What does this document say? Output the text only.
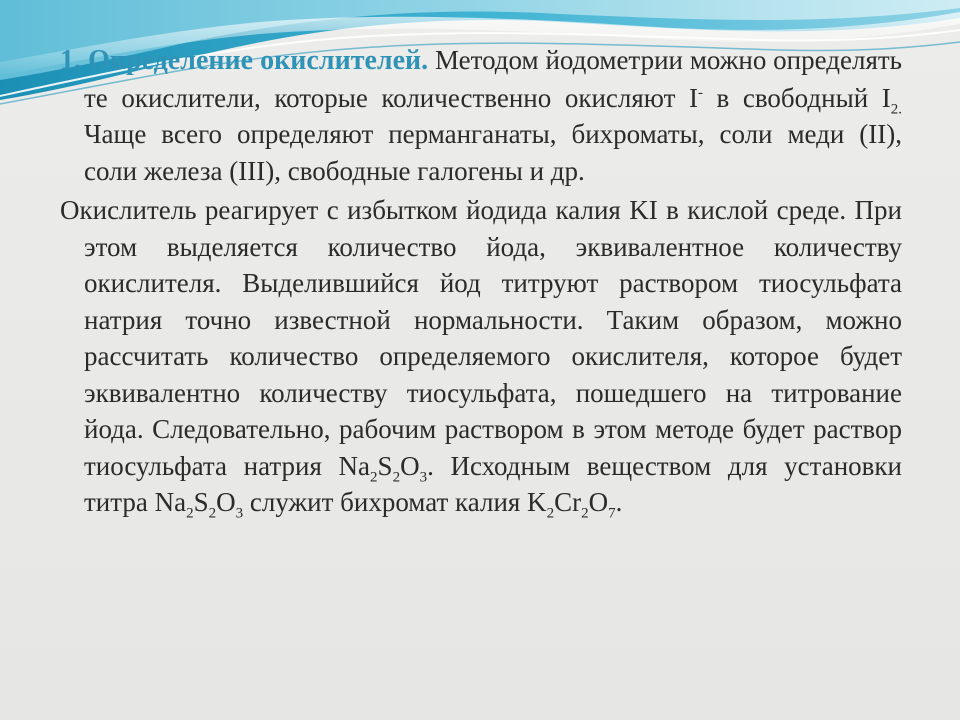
1. Определение окислителей. Методом йодометрии можно определять те окислители, которые количественно окисляют I- в свободный $I_{2.}$ Чаще всего определяют перманганаты, бихроматы, соли меди (II), соли железа (III), свободные галогены и др.

Окислитель реагирует с избытком йодида калия KI в кислой среде. При этом выделяется количество йода, эквивалентное количеству окислителя. Выделившийся йод титруют раствором тиосульфата натрия точно известной нормальности. Таким образом, можно рассчитать количество определяемого окислителя, которое будет эквивалентно количеству тиосульфата, пошедшего на титрование йода. Следовательно, рабочим раствором в этом методе будет раствор тиосульфата натрия $Na_2S_2O_3$. Исходным веществом для установки титра $Na_2S_2O_3$ служит бихромат калия $K_2Cr_2O_7$.
